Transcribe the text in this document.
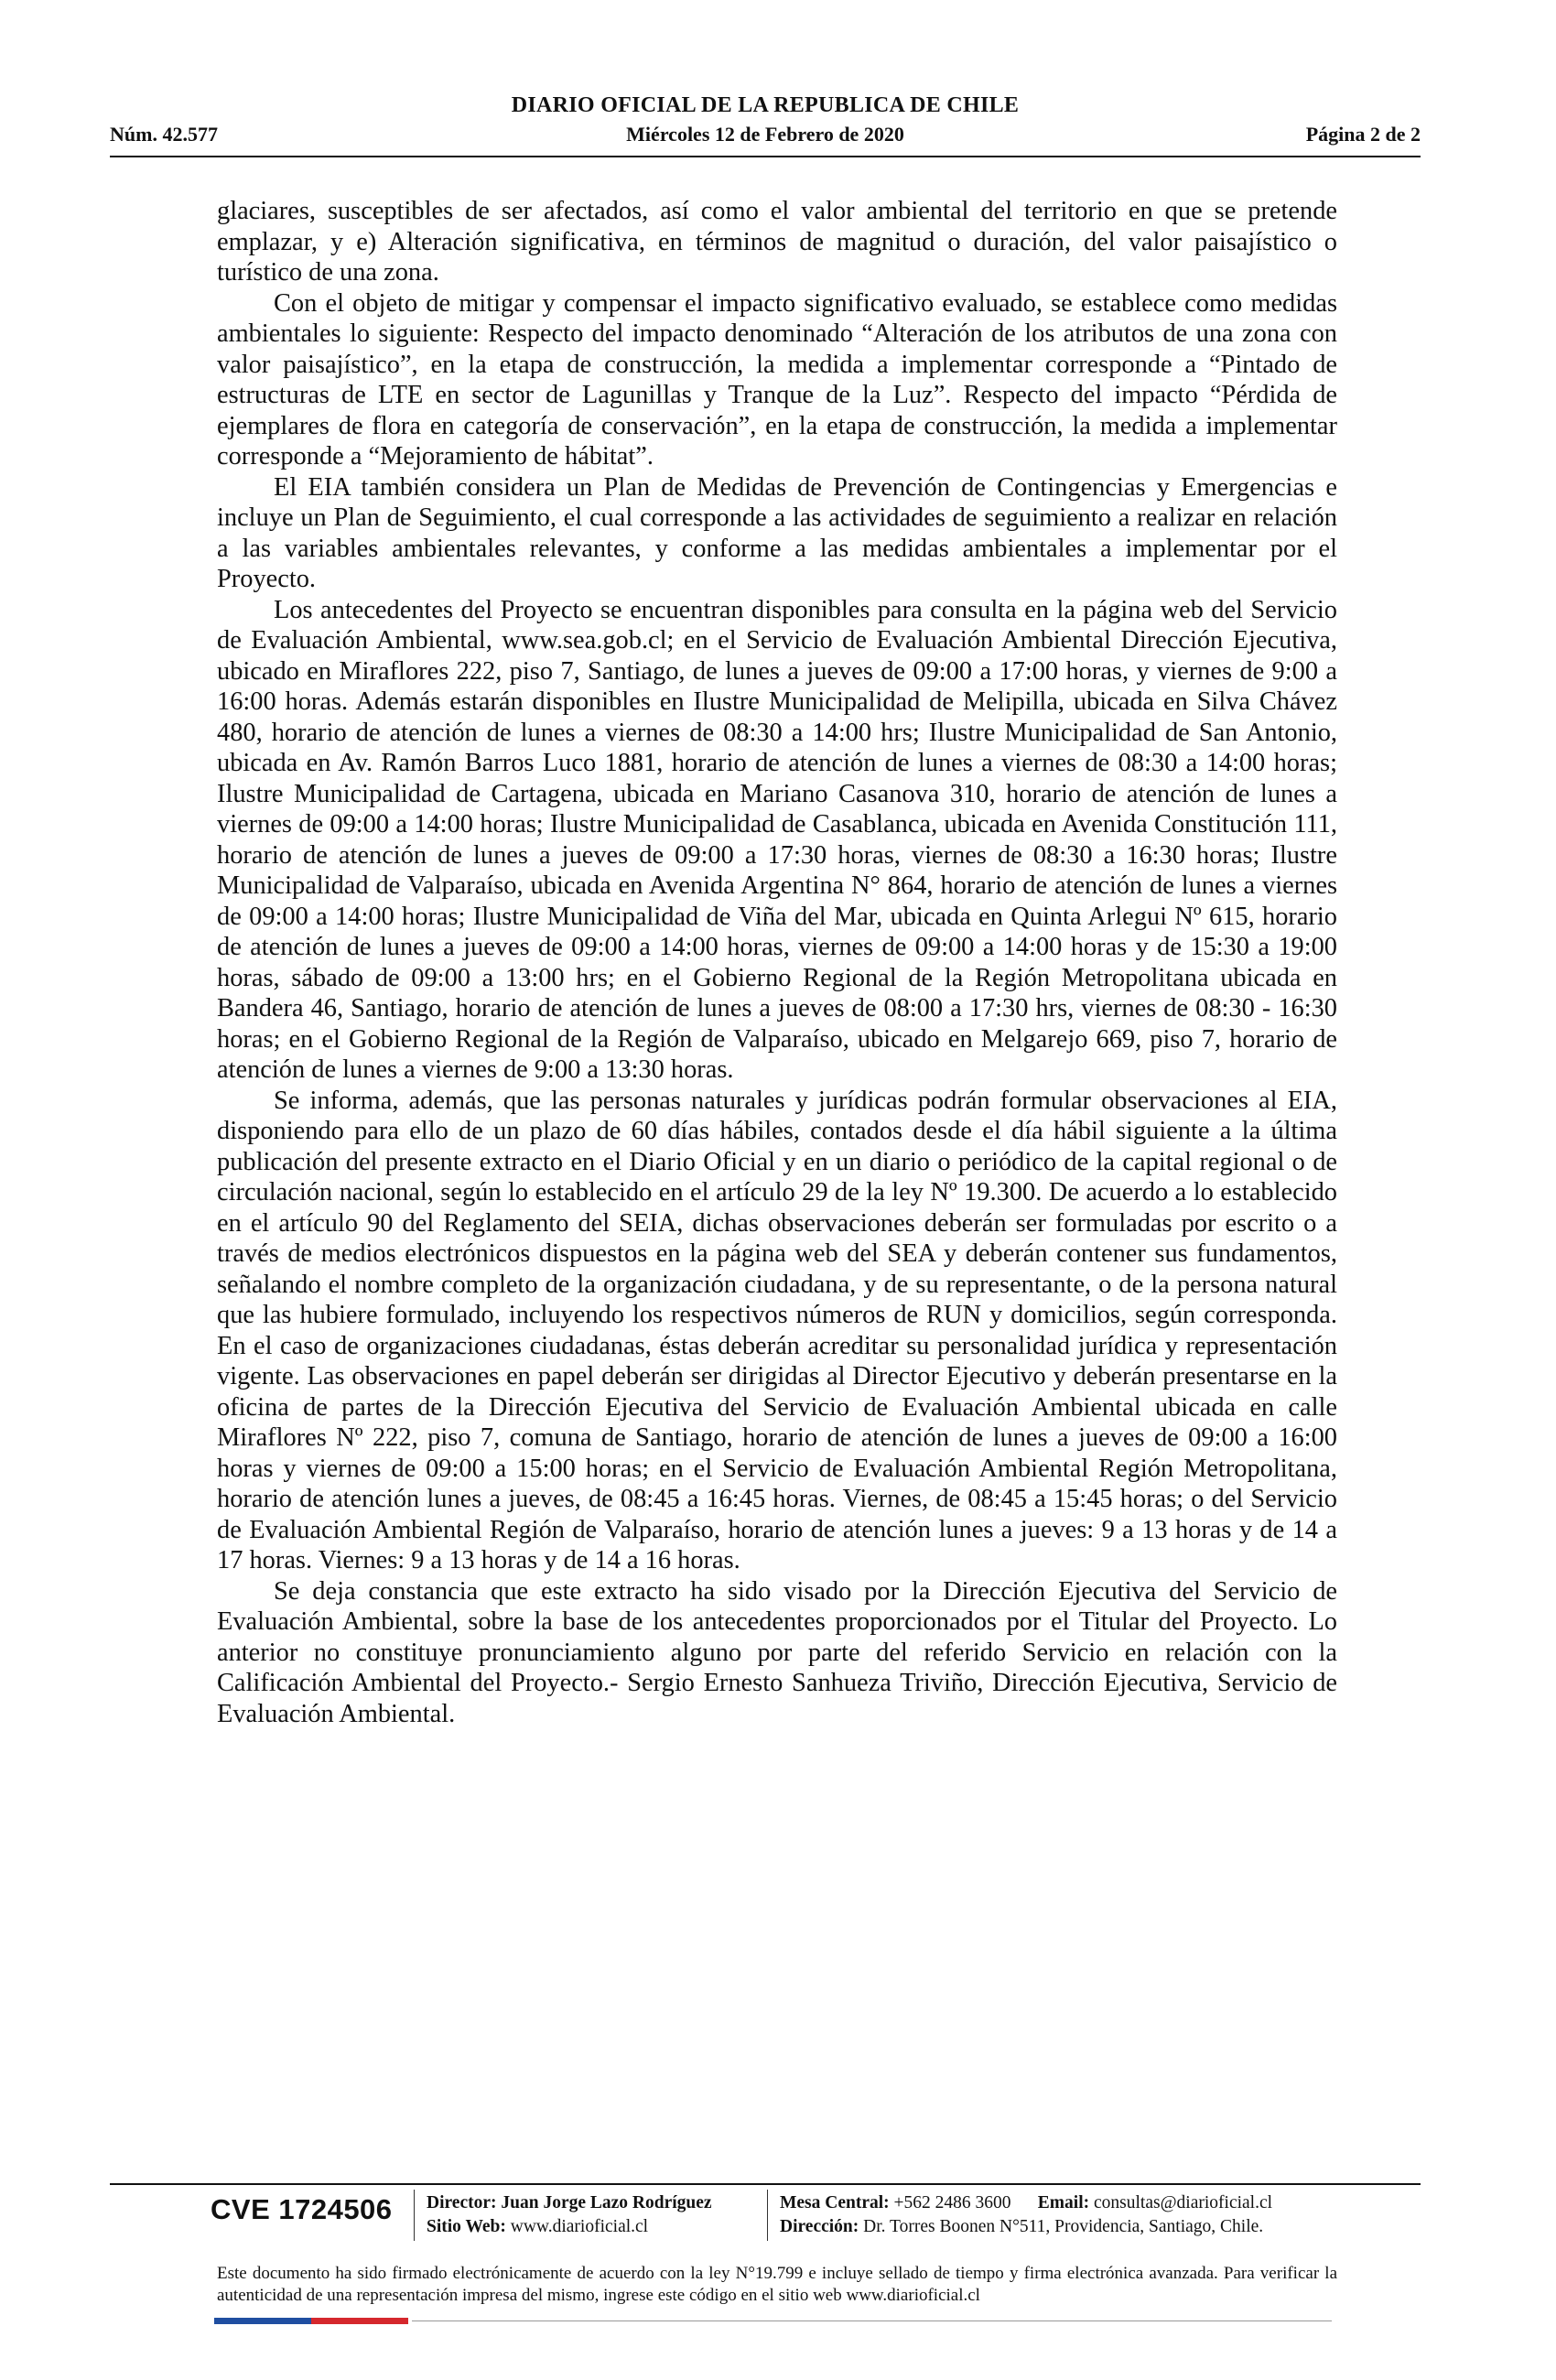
DIARIO OFICIAL DE LA REPUBLICA DE CHILE
Núm. 42.577	Miércoles 12 de Febrero de 2020	Página 2 de 2

glaciares, susceptibles de ser afectados, así como el valor ambiental del territorio en que se pretende emplazar, y e) Alteración significativa, en términos de magnitud o duración, del valor paisajístico o turístico de una zona.

Con el objeto de mitigar y compensar el impacto significativo evaluado, se establece como medidas ambientales lo siguiente: Respecto del impacto denominado “Alteración de los atributos de una zona con valor paisajístico”, en la etapa de construcción, la medida a implementar corresponde a “Pintado de estructuras de LTE en sector de Lagunillas y Tranque de la Luz”. Respecto del impacto “Pérdida de ejemplares de flora en categoría de conservación”, en la etapa de construcción, la medida a implementar corresponde a “Mejoramiento de hábitat”.

El EIA también considera un Plan de Medidas de Prevención de Contingencias y Emergencias e incluye un Plan de Seguimiento, el cual corresponde a las actividades de seguimiento a realizar en relación a las variables ambientales relevantes, y conforme a las medidas ambientales a implementar por el Proyecto.

Los antecedentes del Proyecto se encuentran disponibles para consulta en la página web del Servicio de Evaluación Ambiental, www.sea.gob.cl; en el Servicio de Evaluación Ambiental Dirección Ejecutiva, ubicado en Miraflores 222, piso 7, Santiago, de lunes a jueves de 09:00 a 17:00 horas, y viernes de 9:00 a 16:00 horas. Además estarán disponibles en Ilustre Municipalidad de Melipilla, ubicada en Silva Chávez 480, horario de atención de lunes a viernes de 08:30 a 14:00 hrs; Ilustre Municipalidad de San Antonio, ubicada en Av. Ramón Barros Luco 1881, horario de atención de lunes a viernes de 08:30 a 14:00 horas; Ilustre Municipalidad de Cartagena, ubicada en Mariano Casanova 310, horario de atención de lunes a viernes de 09:00 a 14:00 horas; Ilustre Municipalidad de Casablanca, ubicada en Avenida Constitución 111, horario de atención de lunes a jueves de 09:00 a 17:30 horas, viernes de 08:30 a 16:30 horas; Ilustre Municipalidad de Valparaíso, ubicada en Avenida Argentina N° 864, horario de atención de lunes a viernes de 09:00 a 14:00 horas; Ilustre Municipalidad de Viña del Mar, ubicada en Quinta Arlegui Nº 615, horario de atención de lunes a jueves de 09:00 a 14:00 horas, viernes de 09:00 a 14:00 horas y de 15:30 a 19:00 horas, sábado de 09:00 a 13:00 hrs; en el Gobierno Regional de la Región Metropolitana ubicada en Bandera 46, Santiago, horario de atención de lunes a jueves de 08:00 a 17:30 hrs, viernes de 08:30 - 16:30 horas; en el Gobierno Regional de la Región de Valparaíso, ubicado en Melgarejo 669, piso 7, horario de atención de lunes a viernes de 9:00 a 13:30 horas.

Se informa, además, que las personas naturales y jurídicas podrán formular observaciones al EIA, disponiendo para ello de un plazo de 60 días hábiles, contados desde el día hábil siguiente a la última publicación del presente extracto en el Diario Oficial y en un diario o periódico de la capital regional o de circulación nacional, según lo establecido en el artículo 29 de la ley Nº 19.300. De acuerdo a lo establecido en el artículo 90 del Reglamento del SEIA, dichas observaciones deberán ser formuladas por escrito o a través de medios electrónicos dispuestos en la página web del SEA y deberán contener sus fundamentos, señalando el nombre completo de la organización ciudadana, y de su representante, o de la persona natural que las hubiere formulado, incluyendo los respectivos números de RUN y domicilios, según corresponda. En el caso de organizaciones ciudadanas, éstas deberán acreditar su personalidad jurídica y representación vigente. Las observaciones en papel deberán ser dirigidas al Director Ejecutivo y deberán presentarse en la oficina de partes de la Dirección Ejecutiva del Servicio de Evaluación Ambiental ubicada en calle Miraflores Nº 222, piso 7, comuna de Santiago, horario de atención de lunes a jueves de 09:00 a 16:00 horas y viernes de 09:00 a 15:00 horas; en el Servicio de Evaluación Ambiental Región Metropolitana, horario de atención lunes a jueves, de 08:45 a 16:45 horas. Viernes, de 08:45 a 15:45 horas; o del Servicio de Evaluación Ambiental Región de Valparaíso, horario de atención lunes a jueves: 9 a 13 horas y de 14 a 17 horas. Viernes: 9 a 13 horas y de 14 a 16 horas.

Se deja constancia que este extracto ha sido visado por la Dirección Ejecutiva del Servicio de Evaluación Ambiental, sobre la base de los antecedentes proporcionados por el Titular del Proyecto. Lo anterior no constituye pronunciamiento alguno por parte del referido Servicio en relación con la Calificación Ambiental del Proyecto.- Sergio Ernesto Sanhueza Triviño, Dirección Ejecutiva, Servicio de Evaluación Ambiental.

CVE 1724506 Director: Juan Jorge Lazo Rodríguez
Sitio Web: www.diarioficial.cl
Mesa Central: +562 2486 3600 Email: consultas@diarioficial.cl
Dirección: Dr. Torres Boonen N°511, Providencia, Santiago, Chile.
Este documento ha sido firmado electrónicamente de acuerdo con la ley N°19.799 e incluye sellado de tiempo y firma electrónica avanzada. Para verificar la autenticidad de una representación impresa del mismo, ingrese este código en el sitio web www.diarioficial.cl
